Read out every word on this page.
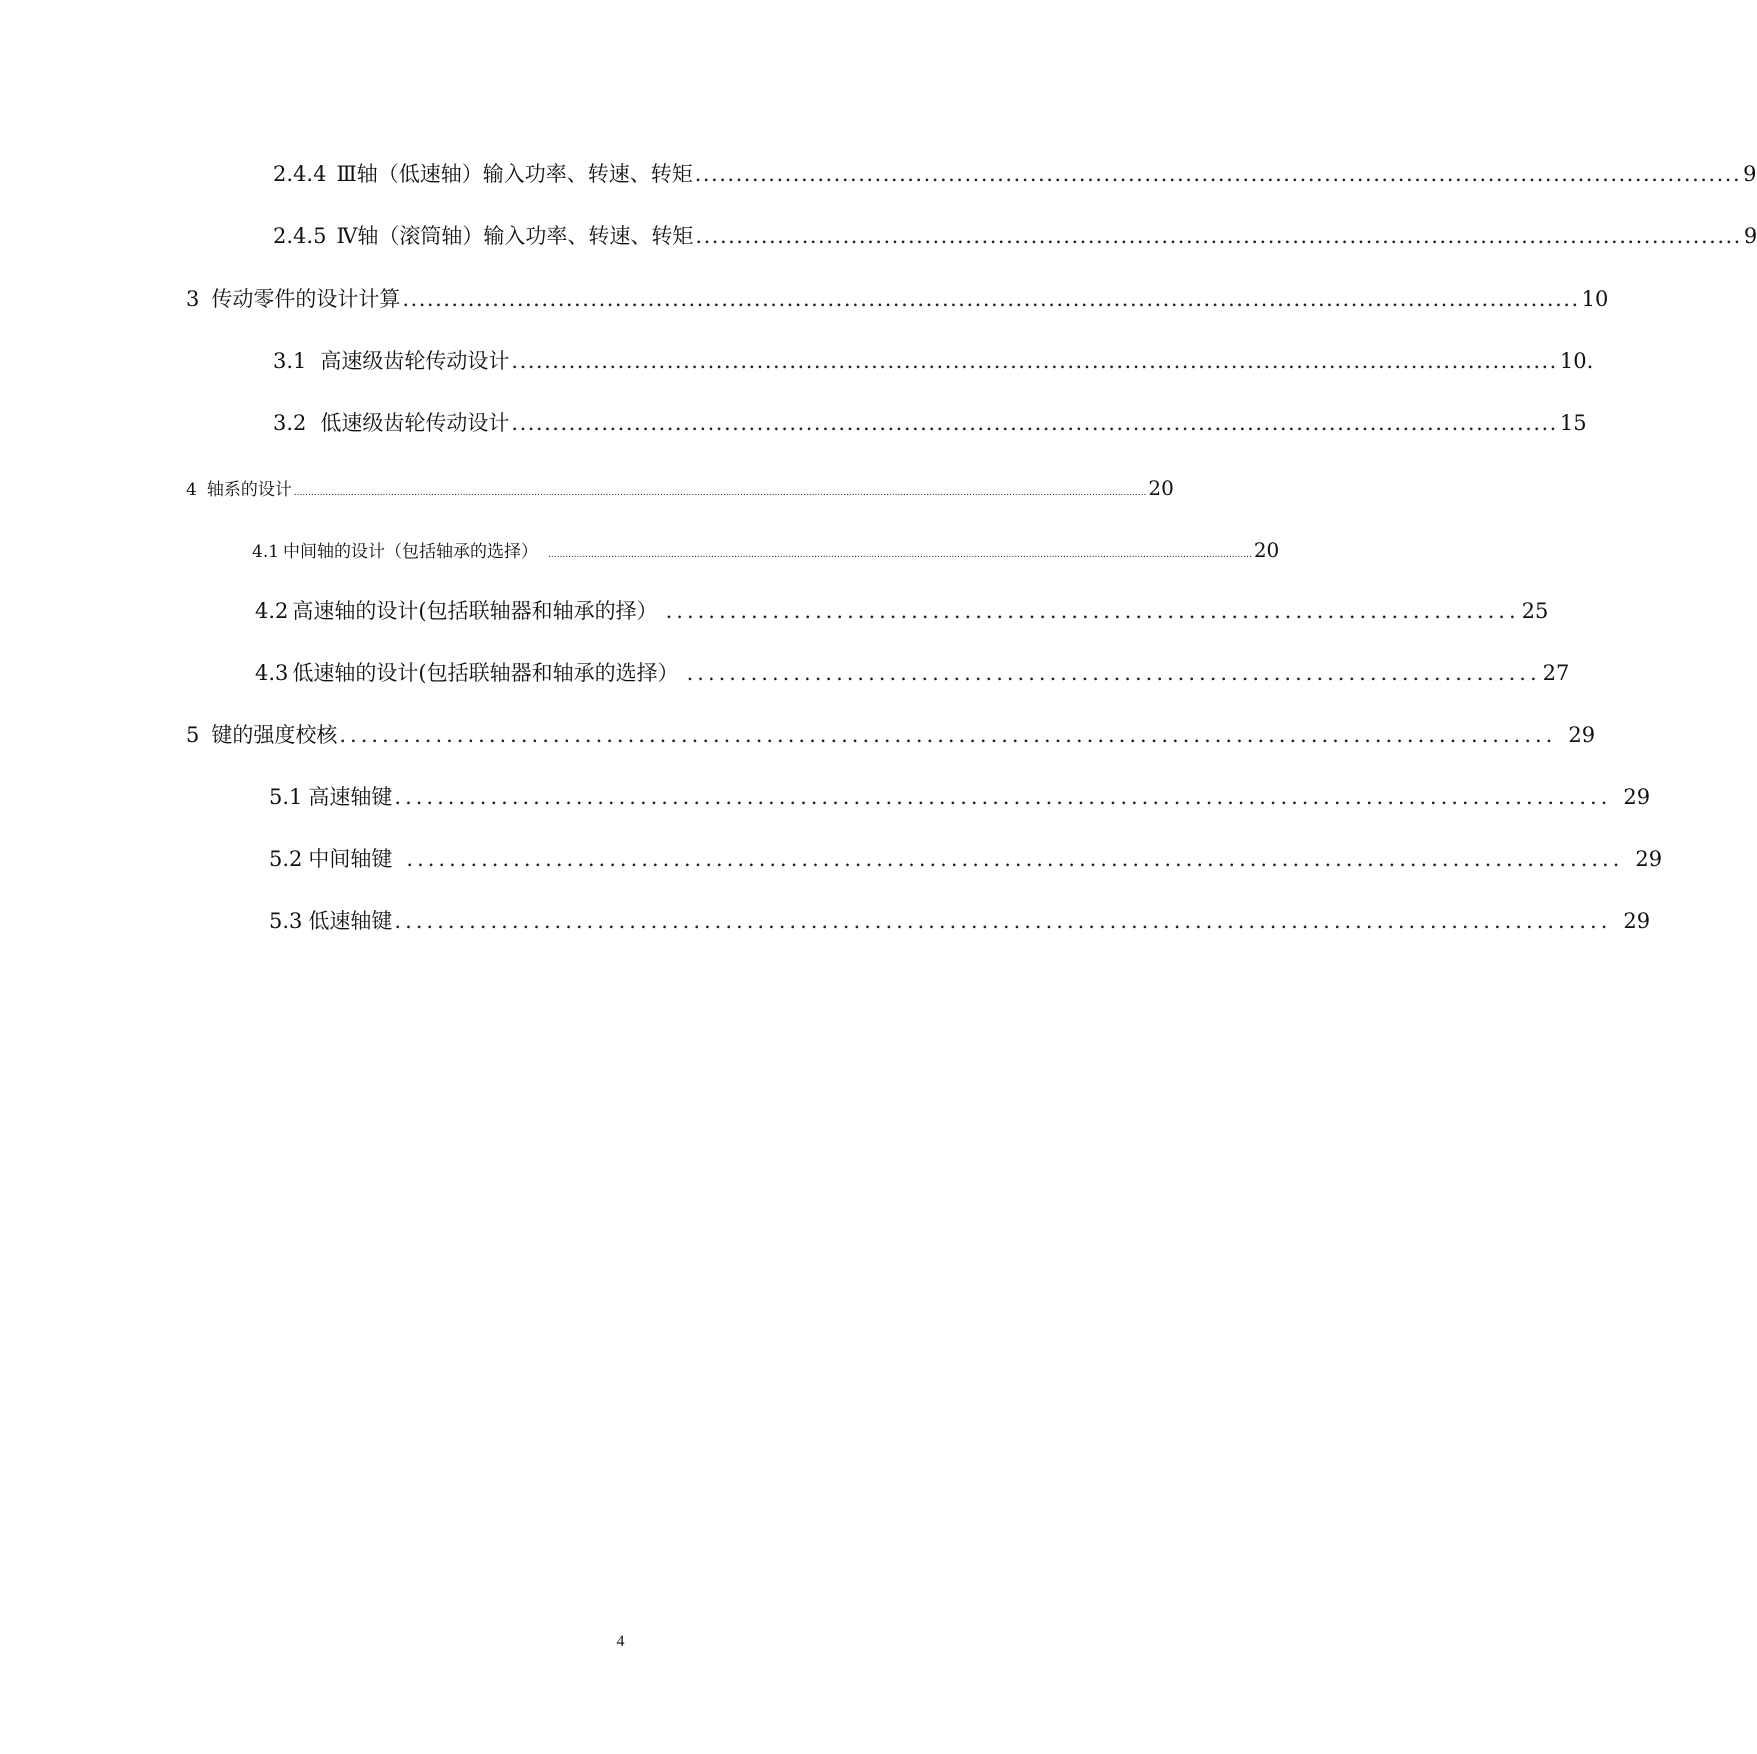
2.4.4 Ⅲ轴（低速轴）输入功率、转速、转矩 ................................................................................................................................ 9
2.4.5 Ⅳ轴（滚筒轴）输入功率、转速、转矩 ................................................................................................................................ 9
3 传动零件的设计计算 ................................................................................................................................................ 10
3.1 高速级齿轮传动设计 ................................................................................................................................ 10.
3.2 低速级齿轮传动设计 ................................................................................................................................ 15
4 轴系的设计 .......................................................................................................................................................................................................................................................................................................... 20
4.1 中间轴的设计（包括轴承的选择） ...................................................................................................................................................................................................................................................... 20
4.2 高速轴的设计(包括联轴器和轴承的择） ................................................................................ 25
4.3 低速轴的设计(包括联轴器和轴承的选择） ................................................................................ 27
5 键的强度校核 .................................................................................................................. 29
5.1 高速轴键 .................................................................................................................. 29
5.2 中间轴键 .................................................................................................................. 29
5.3 低速轴键 .................................................................................................................. 29
4
